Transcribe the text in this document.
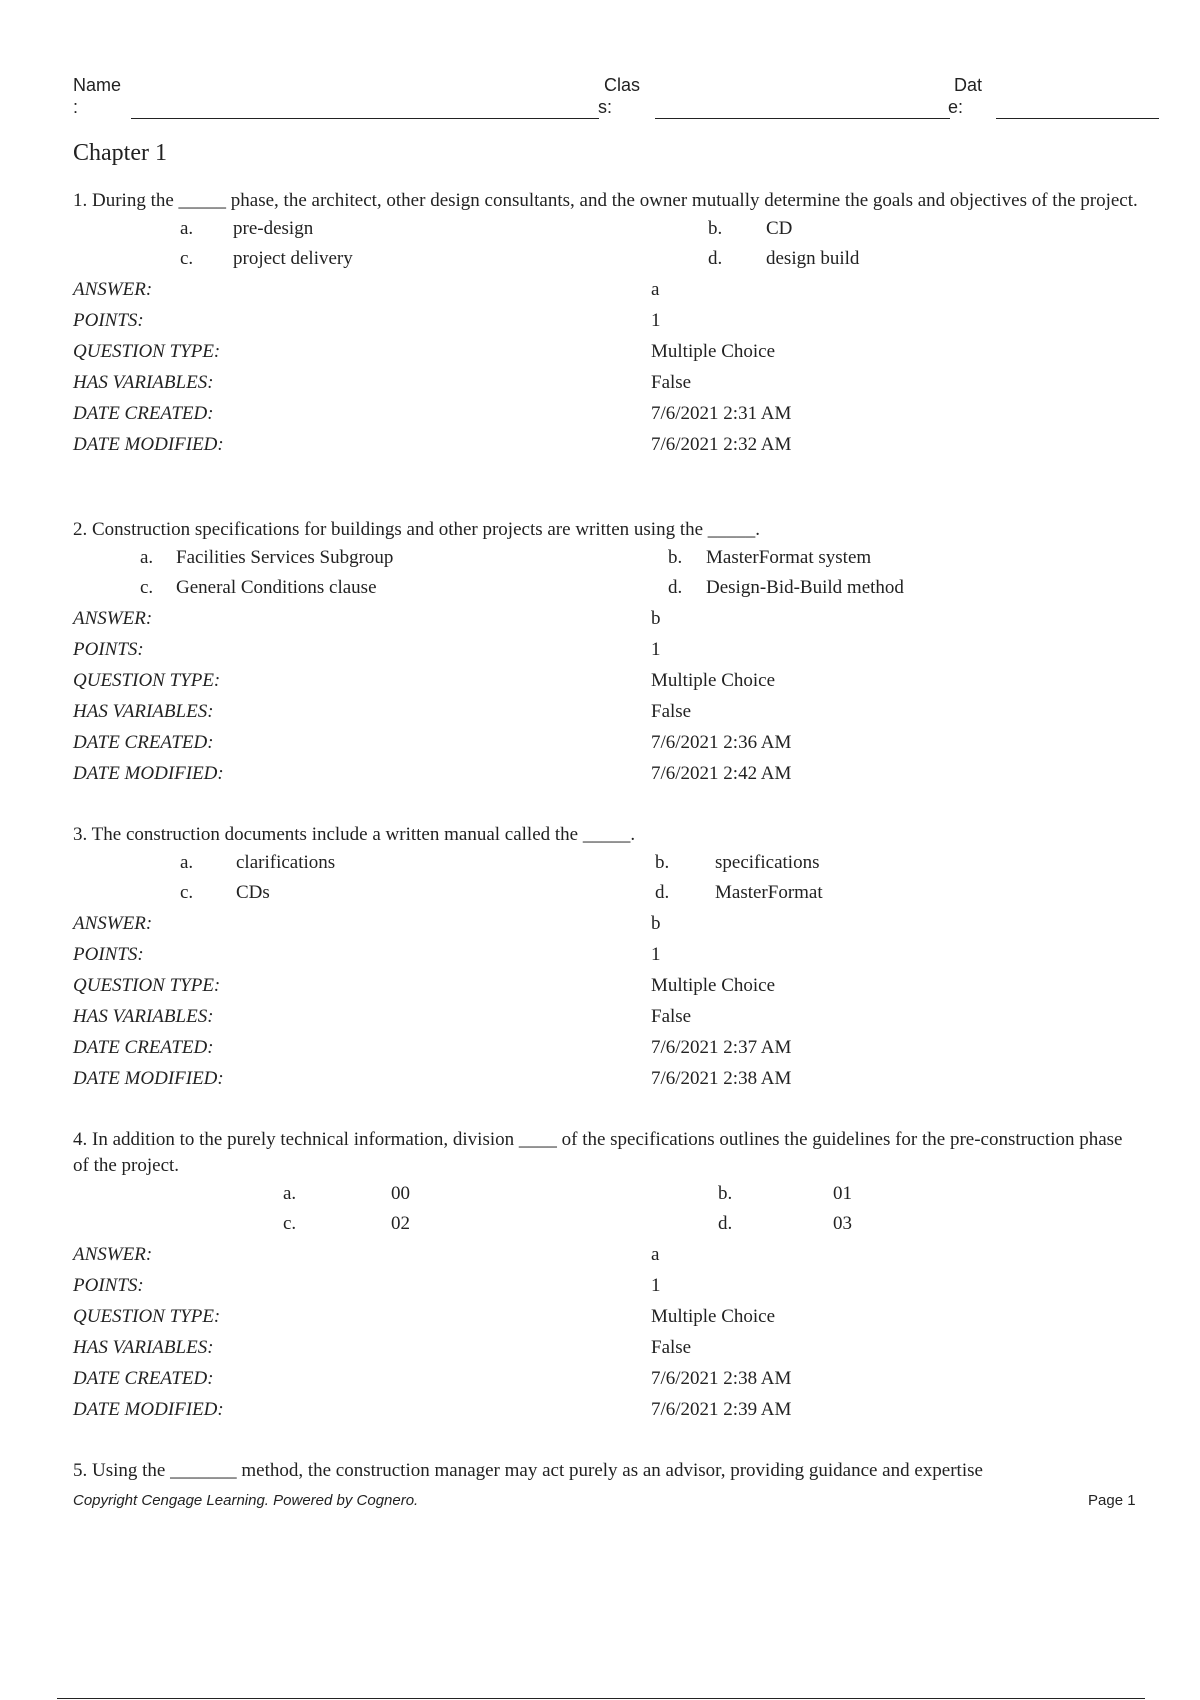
Name
:
Clas
s:
Dat
e:
Chapter 1

1. During the _____ phase, the architect, other design consultants, and the owner mutually determine the goals and objectives of the project.

a. pre-design	b. CD
c. project delivery	d. design build
ANSWER:	a
POINTS:	1
QUESTION TYPE:	Multiple Choice
HAS VARIABLES:	False
DATE CREATED:	7/6/2021 2:31 AM
DATE MODIFIED:	7/6/2021 2:32 AM

2. Construction specifications for buildings and other projects are written using the _____.

a. Facilities Services Subgroup	b. MasterFormat system
c. General Conditions clause	d. Design-Bid-Build method
ANSWER:	b
POINTS:	1
QUESTION TYPE:	Multiple Choice
HAS VARIABLES:	False
DATE CREATED:	7/6/2021 2:36 AM
DATE MODIFIED:	7/6/2021 2:42 AM

3. The construction documents include a written manual called the _____.

a. clarifications	b. specifications
c. CDs	d. MasterFormat
ANSWER:	b
POINTS:	1
QUESTION TYPE:	Multiple Choice
HAS VARIABLES:	False
DATE CREATED:	7/6/2021 2:37 AM
DATE MODIFIED:	7/6/2021 2:38 AM

4. In addition to the purely technical information, division ____ of the specifications outlines the guidelines for the pre-construction phase of the project.

a.	00	b.	01
c.	02	d.	03
ANSWER:	a
POINTS:	1
QUESTION TYPE:	Multiple Choice
HAS VARIABLES:	False
DATE CREATED:	7/6/2021 2:38 AM
DATE MODIFIED:	7/6/2021 2:39 AM

5. Using the _______ method, the construction manager may act purely as an advisor, providing guidance and expertise

Copyright Cengage Learning. Powered by Cognero.	Page 1
